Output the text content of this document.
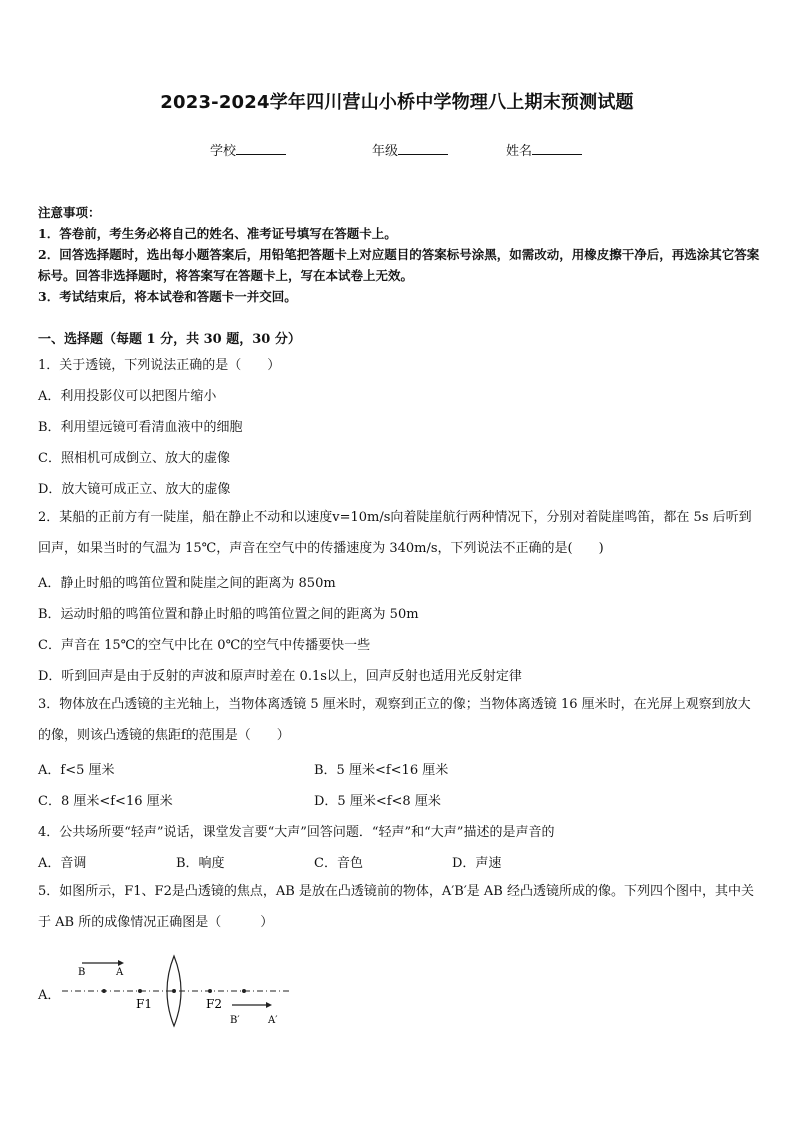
2023-2024学年四川营山小桥中学物理八上期末预测试题
学校	年级	姓名
注意事项：
1．答卷前，考生务必将自己的姓名、准考证号填写在答题卡上。
2．回答选择题时，选出每小题答案后，用铅笔把答题卡上对应题目的答案标号涂黑，如需改动，用橡皮擦干净后，再选涂其它答案标号。回答非选择题时，将答案写在答题卡上，写在本试卷上无效。
3．考试结束后，将本试卷和答题卡一并交回。
一、选择题（每题 1 分，共 30 题，30 分）
1．关于透镜，下列说法正确的是（　　）
A．利用投影仪可以把图片缩小
B．利用望远镜可看清血液中的细胞
C．照相机可成倒立、放大的虚像
D．放大镜可成正立、放大的虚像
2．某船的正前方有一陡崖，船在静止不动和以速度v=10m/s向着陡崖航行两种情况下，分别对着陡崖鸣笛，都在 5s 后听到回声，如果当时的气温为 15℃，声音在空气中的传播速度为 340m/s，下列说法不正确的是(　　)
A．静止时船的鸣笛位置和陡崖之间的距离为 850m
B．运动时船的鸣笛位置和静止时船的鸣笛位置之间的距离为 50m
C．声音在 15℃的空气中比在 0℃的空气中传播要快一些
D．听到回声是由于反射的声波和原声时差在 0.1s以上，回声反射也适用光反射定律
3．物体放在凸透镜的主光轴上，当物体离透镜 5 厘米时，观察到正立的像；当物体离透镜 16 厘米时，在光屏上观察到放大的像，则该凸透镜的焦距f的范围是（　　）
A．f<5 厘米	B．5 厘米<f<16 厘米
C．8 厘米<f<16 厘米	D．5 厘米<f<8 厘米
4．公共场所要“轻声”说话，课堂发言要“大声”回答问题．“轻声”和“大声”描述的是声音的
A．音调	B．响度	C．音色	D．声速
5．如图所示，F1、F2是凸透镜的焦点，AB 是放在凸透镜前的物体，A′B′是 AB 经凸透镜所成的像。下列四个图中，其中关于 AB 所的成像情况正确图是（　　　）
A．
B	A
F1	F2
B′	A′
